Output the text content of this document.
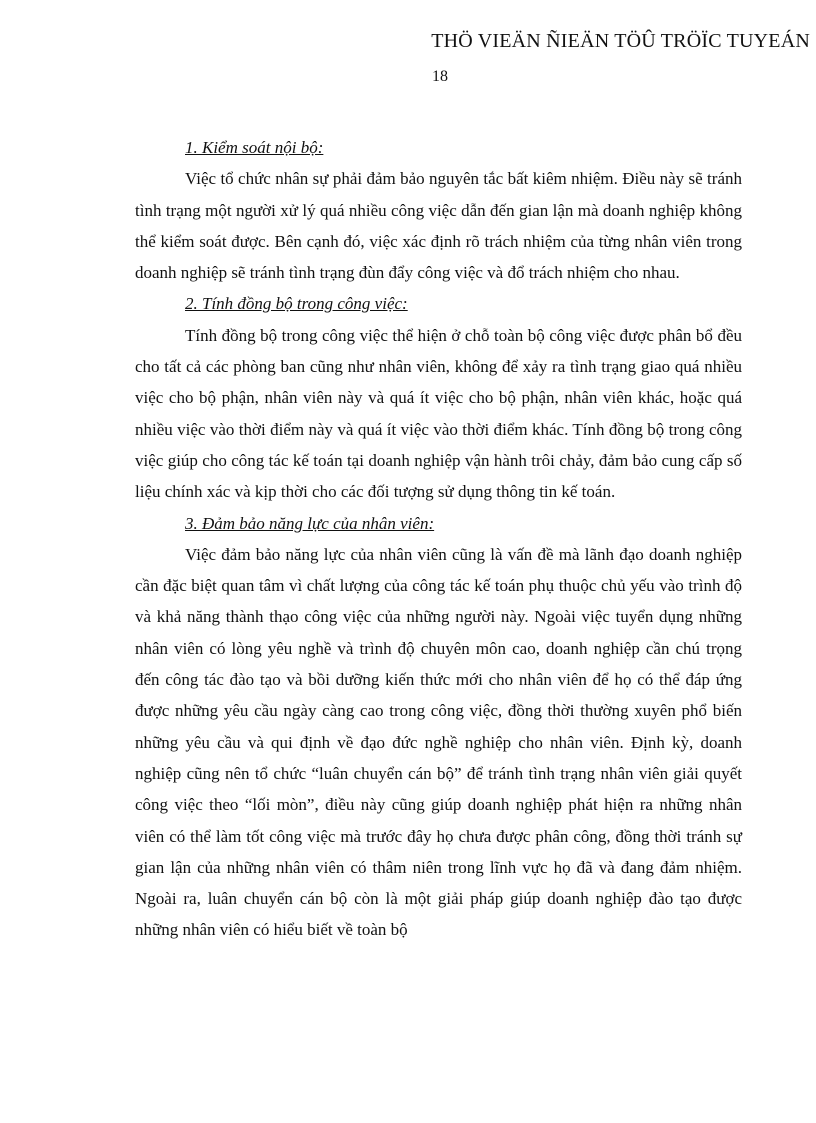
THÖ VIEÄN ÑIEÄN TÖÛ TRÖÏC TUYEÁN
18

1. Kiểm soát nội bộ:

Việc tổ chức nhân sự phải đảm bảo nguyên tắc bất kiêm nhiệm. Điều này sẽ tránh tình trạng một người xử lý quá nhiều công việc dẫn đến gian lận mà doanh nghiệp không thể kiểm soát được. Bên cạnh đó, việc xác định rõ trách nhiệm của từng nhân viên trong doanh nghiệp sẽ tránh tình trạng đùn đẩy công việc và đổ trách nhiệm cho nhau.

2. Tính đồng bộ trong công việc:

Tính đồng bộ trong công việc thể hiện ở chỗ toàn bộ công việc được phân bổ đều cho tất cả các phòng ban cũng như nhân viên, không để xảy ra tình trạng giao quá nhiều việc cho bộ phận, nhân viên này và quá ít việc cho bộ phận, nhân viên khác, hoặc quá nhiều việc vào thời điểm này và quá ít việc vào thời điểm khác. Tính đồng bộ trong công việc giúp cho công tác kế toán tại doanh nghiệp vận hành trôi chảy, đảm bảo cung cấp số liệu chính xác và kịp thời cho các đối tượng sử dụng thông tin kế toán.

3. Đảm bảo năng lực của nhân viên:

Việc đảm bảo năng lực của nhân viên cũng là vấn đề mà lãnh đạo doanh nghiệp cần đặc biệt quan tâm vì chất lượng của công tác kế toán phụ thuộc chủ yếu vào trình độ và khả năng thành thạo công việc của những người này. Ngoài việc tuyển dụng những nhân viên có lòng yêu nghề và trình độ chuyên môn cao, doanh nghiệp cần chú trọng đến công tác đào tạo và bồi dưỡng kiến thức mới cho nhân viên để họ có thể đáp ứng được những yêu cầu ngày càng cao trong công việc, đồng thời thường xuyên phổ biến những yêu cầu và qui định về đạo đức nghề nghiệp cho nhân viên. Định kỳ, doanh nghiệp cũng nên tổ chức “luân chuyển cán bộ” để tránh tình trạng nhân viên giải quyết công việc theo “lối mòn”, điều này cũng giúp doanh nghiệp phát hiện ra những nhân viên có thể làm tốt công việc mà trước đây họ chưa được phân công, đồng thời tránh sự gian lận của những nhân viên có thâm niên trong lĩnh vực họ đã và đang đảm nhiệm. Ngoài ra, luân chuyển cán bộ còn là một giải pháp giúp doanh nghiệp đào tạo được những nhân viên có hiểu biết về toàn bộ
